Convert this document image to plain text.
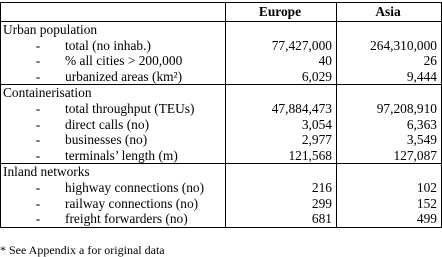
	Europe	Asia
Urban population		
- total (no inhab.)	77,427,000	264,310,000
- % all cities > 200,000	40	26
- urbanized areas (km²)	6,029	9,444
Containerisation		
- total throughput (TEUs)	47,884,473	97,208,910
- direct calls (no)	3,054	6,363
- businesses (no)	2,977	3,549
- terminals’ length (m)	121,568	127,087
Inland networks		
- highway connections (no)	216	102
- railway connections (no)	299	152
- freight forwarders (no)	681	499
* See Appendix a for original data
